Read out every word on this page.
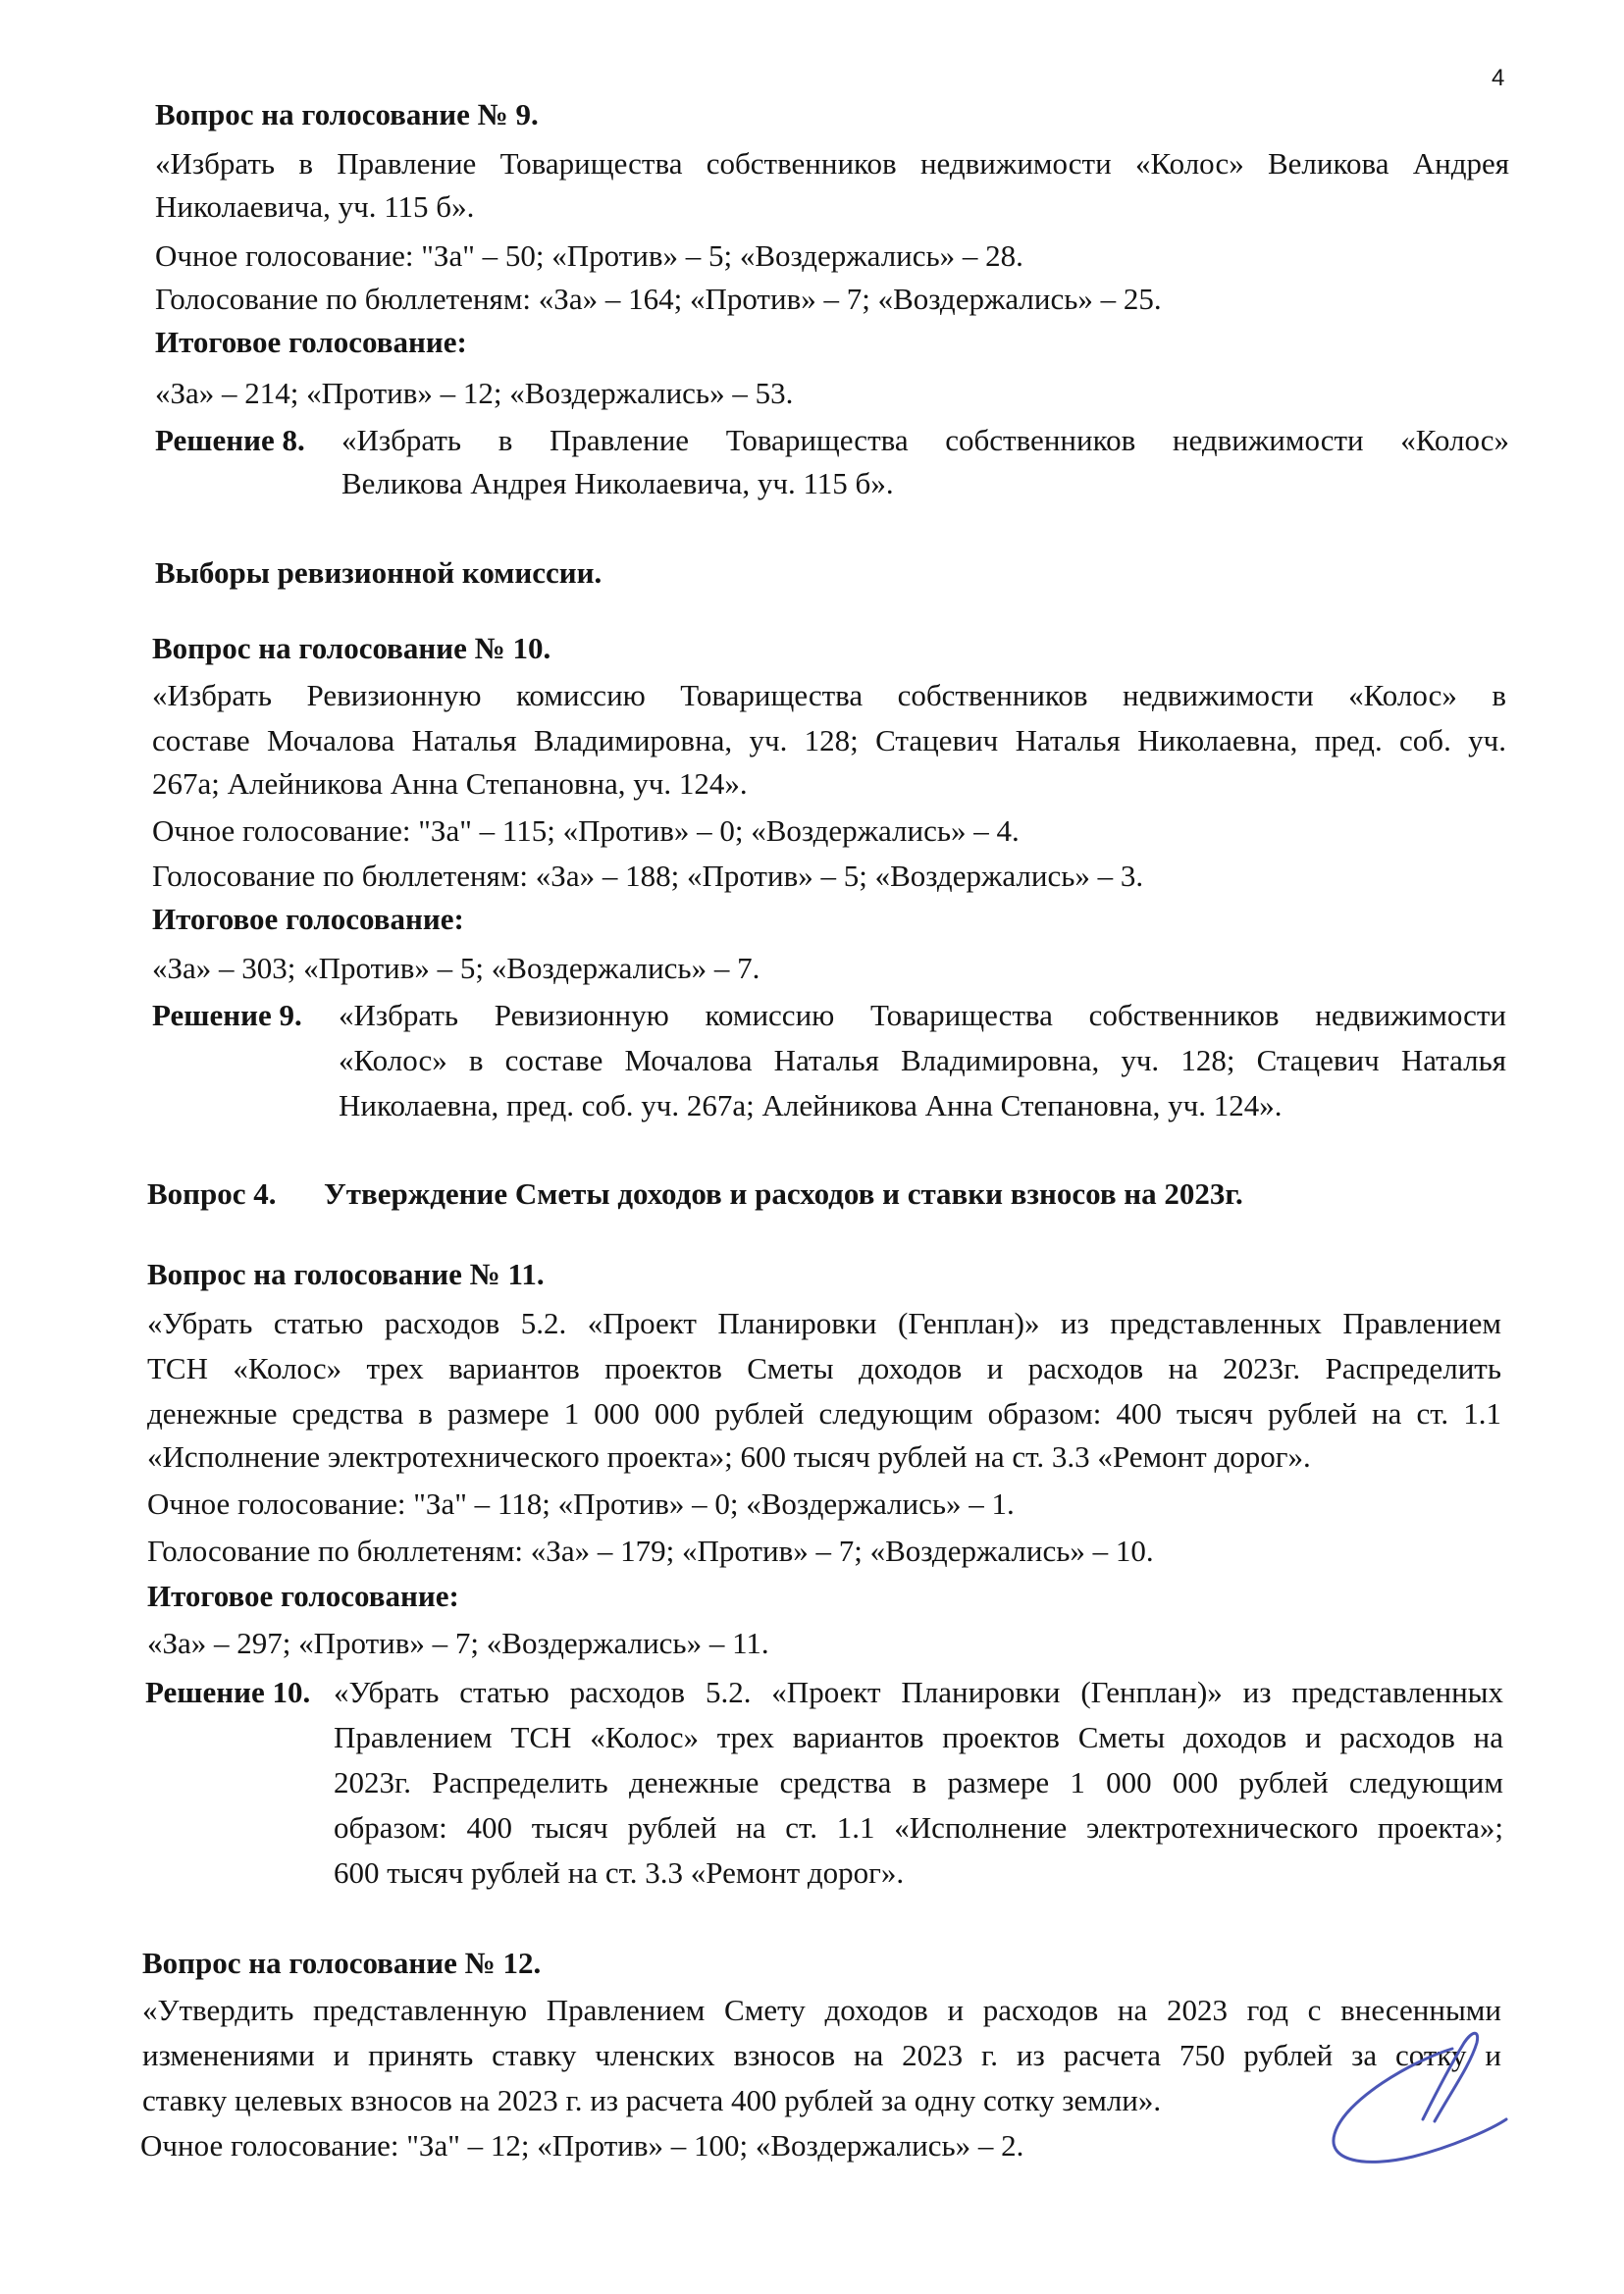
4
Вопрос на голосование № 9.
«Избрать в Правление Товарищества собственников недвижимости «Колос» Великова Андрея
Николаевича, уч. 115 б».
Очное голосование: "За" – 50; «Против» – 5; «Воздержались» – 28.
Голосование по бюллетеням: «За» – 164; «Против» – 7; «Воздержались» – 25.
Итоговое голосование:
«За» – 214; «Против» – 12; «Воздержались» – 53.
Решение 8. «Избрать в Правление Товарищества собственников недвижимости «Колос»
Великова Андрея Николаевича, уч. 115 б».
Выборы ревизионной комиссии.
Вопрос на голосование № 10.
«Избрать Ревизионную комиссию Товарищества собственников недвижимости «Колос» в
составе Мочалова Наталья Владимировна, уч. 128; Стацевич Наталья Николаевна, пред. соб. уч.
267а; Алейникова Анна Степановна, уч. 124».
Очное голосование: "За" – 115; «Против» – 0; «Воздержались» – 4.
Голосование по бюллетеням: «За» – 188; «Против» – 5; «Воздержались» – 3.
Итоговое голосование:
«За» – 303; «Против» – 5; «Воздержались» – 7.
Решение 9. «Избрать Ревизионную комиссию Товарищества собственников недвижимости
«Колос» в составе Мочалова Наталья Владимировна, уч. 128; Стацевич Наталья
Николаевна, пред. соб. уч. 267а; Алейникова Анна Степановна, уч. 124».
Вопрос 4. Утверждение Сметы доходов и расходов и ставки взносов на 2023г.
Вопрос на голосование № 11.
«Убрать статью расходов 5.2. «Проект Планировки (Генплан)» из представленных Правлением
ТСН «Колос» трех вариантов проектов Сметы доходов и расходов на 2023г. Распределить
денежные средства в размере 1 000 000 рублей следующим образом: 400 тысяч рублей на ст. 1.1
«Исполнение электротехнического проекта»; 600 тысяч рублей на ст. 3.3 «Ремонт дорог».
Очное голосование: "За" – 118; «Против» – 0; «Воздержались» – 1.
Голосование по бюллетеням: «За» – 179; «Против» – 7; «Воздержались» – 10.
Итоговое голосование:
«За» – 297; «Против» – 7; «Воздержались» – 11.
Решение 10. «Убрать статью расходов 5.2. «Проект Планировки (Генплан)» из представленных
Правлением ТСН «Колос» трех вариантов проектов Сметы доходов и расходов на
2023г. Распределить денежные средства в размере 1 000 000 рублей следующим
образом: 400 тысяч рублей на ст. 1.1 «Исполнение электротехнического проекта»;
600 тысяч рублей на ст. 3.3 «Ремонт дорог».
Вопрос на голосование № 12.
«Утвердить представленную Правлением Смету доходов и расходов на 2023 год с внесенными
изменениями и принять ставку членских взносов на 2023 г. из расчета 750 рублей за сотку и
ставку целевых взносов на 2023 г. из расчета 400 рублей за одну сотку земли».
Очное голосование: "За" – 12; «Против» – 100; «Воздержались» – 2.
